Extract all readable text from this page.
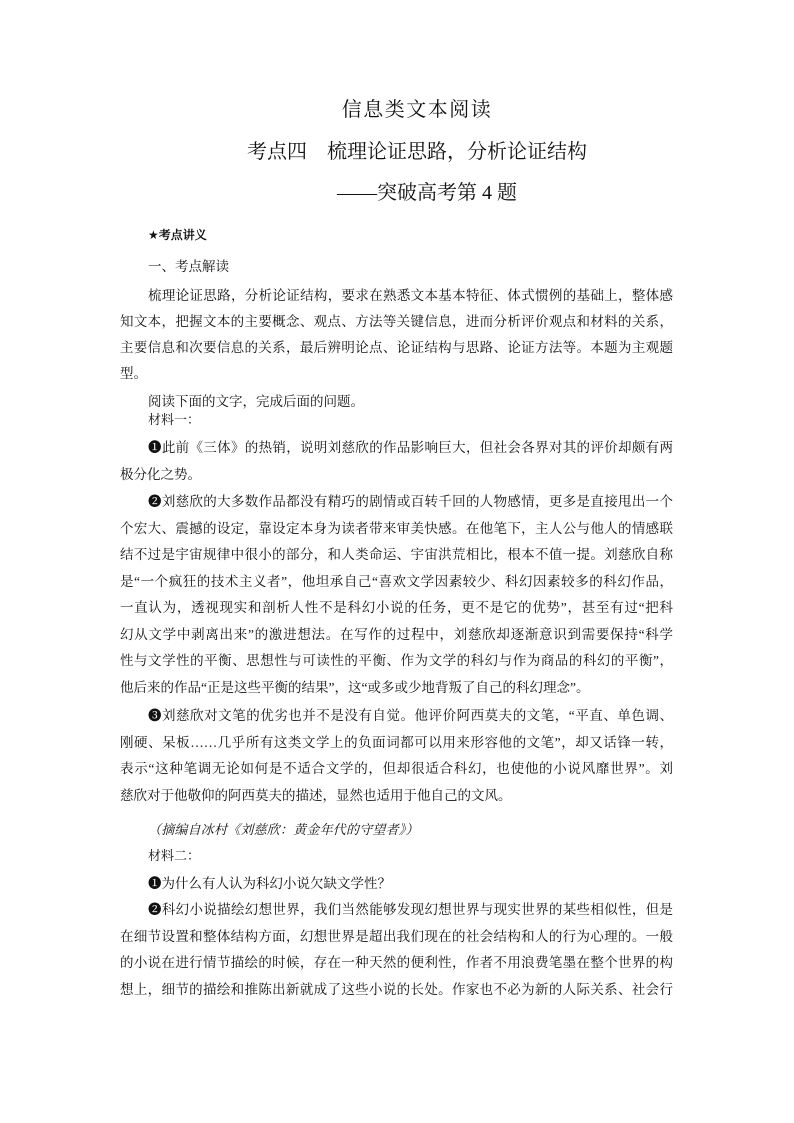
信息类文本阅读
考点四　梳理论证思路，分析论证结构
——突破高考第 4 题
★考点讲义
一、考点解读
梳理论证思路，分析论证结构，要求在熟悉文本基本特征、体式惯例的基础上，整体感
知文本，把握文本的主要概念、观点、方法等关键信息，进而分析评价观点和材料的关系，
主要信息和次要信息的关系，最后辨明论点、论证结构与思路、论证方法等。本题为主观题
型。
阅读下面的文字，完成后面的问题。
材料一：
❶此前《三体》的热销，说明刘慈欣的作品影响巨大，但社会各界对其的评价却颇有两
极分化之势。
❷刘慈欣的大多数作品都没有精巧的剧情或百转千回的人物感情，更多是直接甩出一个
个宏大、震撼的设定，靠设定本身为读者带来审美快感。在他笔下，主人公与他人的情感联
结不过是宇宙规律中很小的部分，和人类命运、宇宙洪荒相比，根本不值一提。刘慈欣自称
是“一个疯狂的技术主义者”，他坦承自己“喜欢文学因素较少、科幻因素较多的科幻作品，
一直认为，透视现实和剖析人性不是科幻小说的任务，更不是它的优势”，甚至有过“把科
幻从文学中剥离出来”的激进想法。在写作的过程中，刘慈欣却逐渐意识到需要保持“科学
性与文学性的平衡、思想性与可读性的平衡、作为文学的科幻与作为商品的科幻的平衡”，
他后来的作品“正是这些平衡的结果”，这“或多或少地背叛了自己的科幻理念”。
❸刘慈欣对文笔的优劣也并不是没有自觉。他评价阿西莫夫的文笔，“平直、单色调、
刚硬、呆板……几乎所有这类文学上的负面词都可以用来形容他的文笔”，却又话锋一转，
表示“这种笔调无论如何是不适合文学的，但却很适合科幻，也使他的小说风靡世界”。刘
慈欣对于他敬仰的阿西莫夫的描述，显然也适用于他自己的文风。
（摘编自冰村《刘慈欣：黄金年代的守望者》）
材料二：
❶为什么有人认为科幻小说欠缺文学性？
❷科幻小说描绘幻想世界，我们当然能够发现幻想世界与现实世界的某些相似性，但是
在细节设置和整体结构方面，幻想世界是超出我们现在的社会结构和人的行为心理的。一般
的小说在进行情节描绘的时候，存在一种天然的便利性，作者不用浪费笔墨在整个世界的构
想上，细节的描绘和推陈出新就成了这些小说的长处。作家也不必为新的人际关系、社会行
